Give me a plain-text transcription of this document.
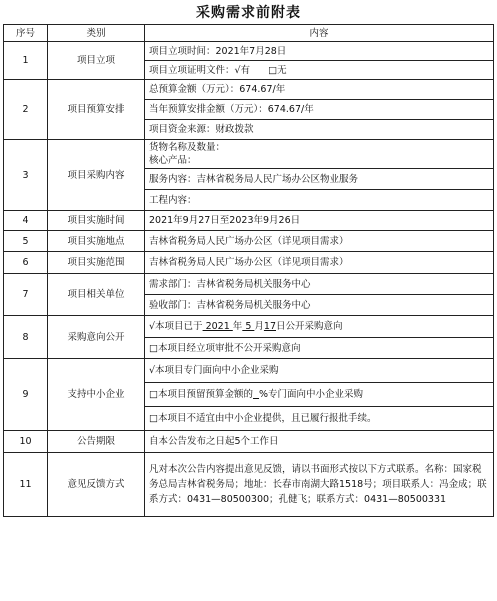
采购需求前附表
序号	类别	内容
1	项目立项	项目立项时间：2021年7月28日
		项目立项证明文件：√有      □无
2	项目预算安排	总预算金额（万元）：674.67/年
		当年预算安排金额（万元）：674.67/年
		项目资金来源：财政拨款
3	项目采购内容	货物名称及数量：
核心产品：

		服务内容：吉林省税务局人民广场办公区物业服务
		工程内容：
4	项目实施时间	2021年9月27日至2023年9月26日
5	项目实施地点	吉林省税务局人民广场办公区（详见项目需求）
6	项目实施范围	吉林省税务局人民广场办公区（详见项目需求）
7	项目相关单位	需求部门：吉林省税务局机关服务中心
		验收部门：吉林省税务局机关服务中心
8	采购意向公开	√本项目已于 2021 年 5 月17日公开采购意向
		□本项目经立项审批不公开采购意向
9	支持中小企业	√本项目专门面向中小企业采购
		□本项目预留预算金额的 %专门面向中小企业采购
		□本项目不适宜由中小企业提供，且已履行报批手续。
10	公告期限	自本公告发布之日起5个工作日
11	意见反馈方式	凡对本次公告内容提出意见反馈，请以书面形式按以下方式联系。名称：国家税务总局吉林省税务局；地址：长春市南湖大路1518号；项目联系人：冯金成；联系方式：0431—80500300；孔健飞；联系方式：0431—80500331
